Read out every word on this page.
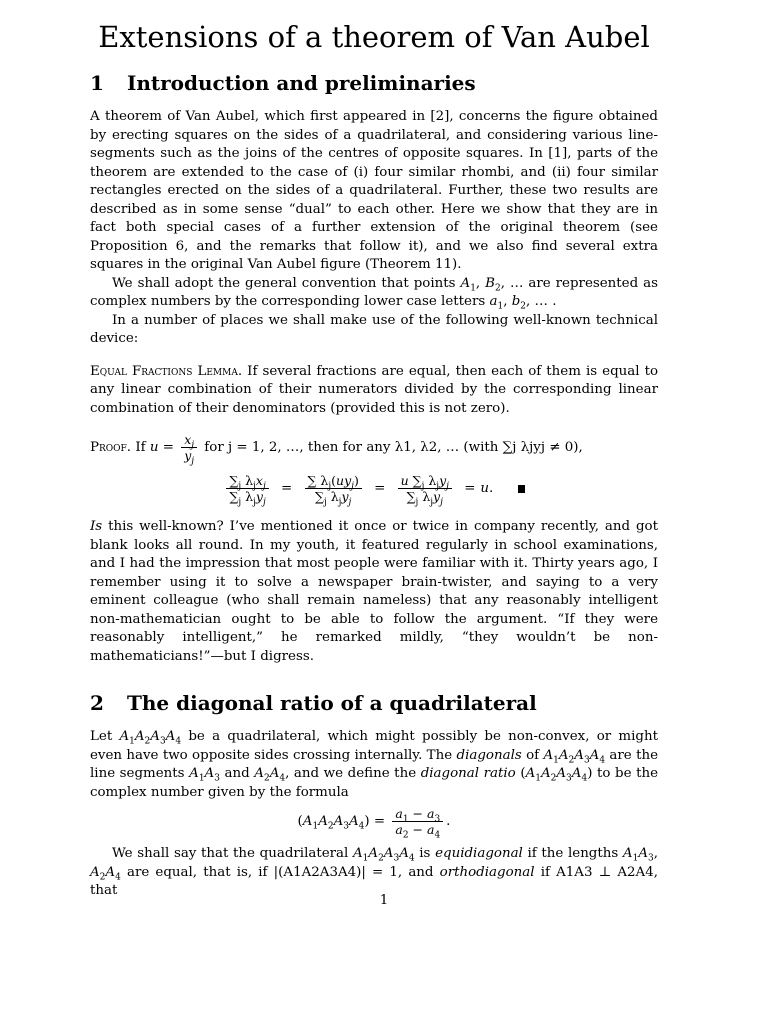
Extensions of a theorem of Van Aubel
1 Introduction and preliminaries

A theorem of Van Aubel, which first appeared in [2], concerns the figure obtained by erecting squares on the sides of a quadrilateral, and considering various line-segments such as the joins of the centres of opposite squares. In [1], parts of the theorem are extended to the case of (i) four similar rhombi, and (ii) four similar rectangles erected on the sides of a quadrilateral. Further, these two results are described as in some sense “dual” to each other. Here we show that they are in fact both special cases of a further extension of the original theorem (see Proposition 6, and the remarks that follow it), and we also find several extra squares in the original Van Aubel figure (Theorem 11).

We shall adopt the general convention that points $A_1$, $B_2$, … are represented as complex numbers by the corresponding lower case letters $a_1$, $b_2$, … .

In a number of places we shall make use of the following well-known technical device:

Equal Fractions Lemma. If several fractions are equal, then each of them is equal to any linear combination of their numerators divided by the corresponding linear combination of their denominators (provided this is not zero).

Proof. If $u = \frac{x_j}{y_j}$ for j = 1, 2, …, then for any λ1, λ2, … (with ∑j λjyj ≠ 0),

$\frac{\sum_j \lambda_jx_j}{\sum_j \lambda_jy_j} = \frac{\sum \lambda_j(uy_j)}{\sum_j \lambda_jy_j} = \frac{u \sum_j \lambda_jy_j}{\sum_j \lambda_jy_j} = u$.

Is this well-known? I’ve mentioned it once or twice in company recently, and got blank looks all round. In my youth, it featured regularly in school examinations, and I had the impression that most people were familiar with it. Thirty years ago, I remember using it to solve a newspaper brain-twister, and saying to a very eminent colleague (who shall remain nameless) that any reasonably intelligent non-mathematician ought to be able to follow the argument. “If they were reasonably intelligent,” he remarked mildly, “they wouldn’t be non-mathematicians!”—but I digress.

2 The diagonal ratio of a quadrilateral

Let $A_1A_2A_3A_4$ be a quadrilateral, which might possibly be non-convex, or might even have two opposite sides crossing internally. The diagonals of $A_1A_2A_3A_4$ are the line segments $A_1A_3$ and $A_2A_4$, and we define the diagonal ratio $(A_1A_2A_3A_4)$ to be the complex number given by the formula

$(A_1A_2A_3A_4) = \frac{a_1 - a_3}{a_2 - a_4}$ .

We shall say that the quadrilateral $A_1A_2A_3A_4$ is equidiagonal if the lengths $A_1A_3$, $A_2A_4$ are equal, that is, if |(A1A2A3A4)| = 1, and orthodiagonal if A1A3 ⊥ A2A4, that

1
